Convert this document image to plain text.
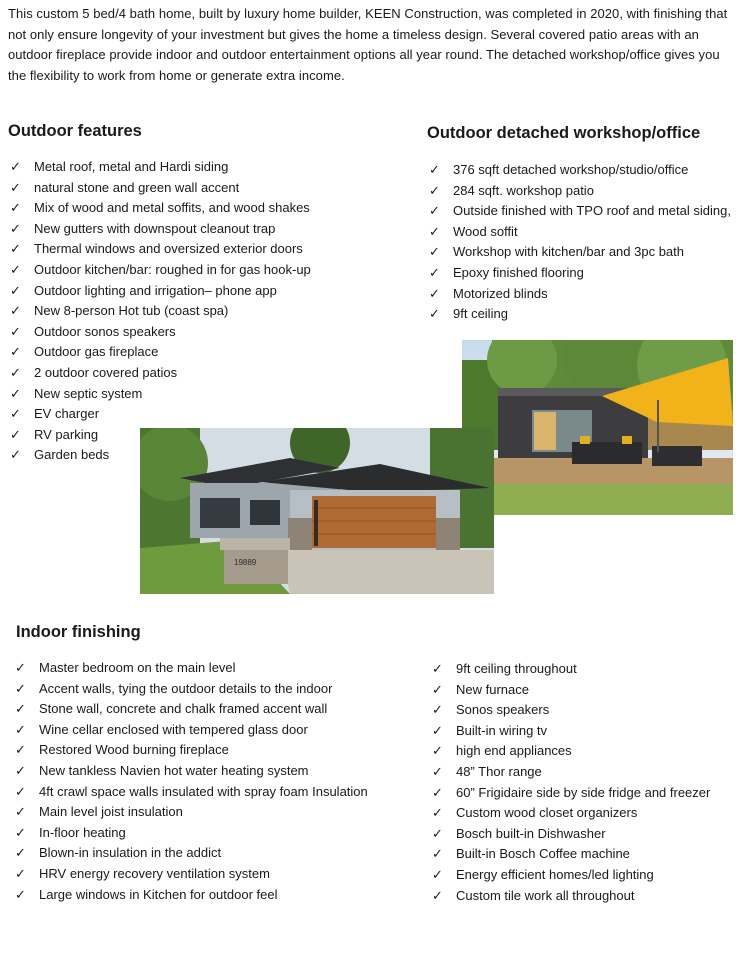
This custom 5 bed/4 bath home, built by luxury home builder, KEEN Construction, was completed in 2020, with finishing that not only ensure longevity of your investment but gives the home a timeless design. Several covered patio areas with an outdoor fireplace provide indoor and outdoor entertainment options all year round. The detached workshop/office gives you the flexibility to work from home or generate extra income.

Outdoor features
✓ Metal roof, metal and Hardi siding
✓ natural stone and green wall accent
✓ Mix of wood and metal soffits, and wood shakes
✓ New gutters with downspout cleanout trap
✓ Thermal windows and oversized exterior doors
✓ Outdoor kitchen/bar: roughed in for gas hook-up
✓ Outdoor lighting and irrigation– phone app
✓ New 8-person Hot tub (coast spa)
✓ Outdoor sonos speakers
✓ Outdoor gas fireplace
✓ 2 outdoor covered patios
✓ New septic system
✓ EV charger
✓ RV parking
✓ Garden beds
Outdoor detached workshop/office
✓ 376 sqft detached workshop/studio/office
✓ 284 sqft. workshop patio
✓ Outside finished with TPO roof and metal siding,
✓ Wood soffit
✓ Workshop with kitchen/bar and 3pc bath
✓ Epoxy finished flooring
✓ Motorized blinds
✓ 9ft ceiling
19889
Indoor finishing
✓ Master bedroom on the main level
✓ Accent walls, tying the outdoor details to the indoor
✓ Stone wall, concrete and chalk framed accent wall
✓ Wine cellar enclosed with tempered glass door
✓ Restored Wood burning fireplace
✓ New tankless Navien hot water heating system
✓ 4ft crawl space walls insulated with spray foam Insulation
✓ Main level joist insulation
✓ In-floor heating
✓ Blown-in insulation in the addict
✓ HRV energy recovery ventilation system
✓ Large windows in Kitchen for outdoor feel
✓ 9ft ceiling throughout
✓ New furnace
✓ Sonos speakers
✓ Built-in wiring tv
✓ high end appliances
✓ 48” Thor range
✓ 60” Frigidaire side by side fridge and freezer
✓ Custom wood closet organizers
✓ Bosch built-in Dishwasher
✓ Built-in Bosch Coffee machine
✓ Energy efficient homes/led lighting
✓ Custom tile work all throughout
